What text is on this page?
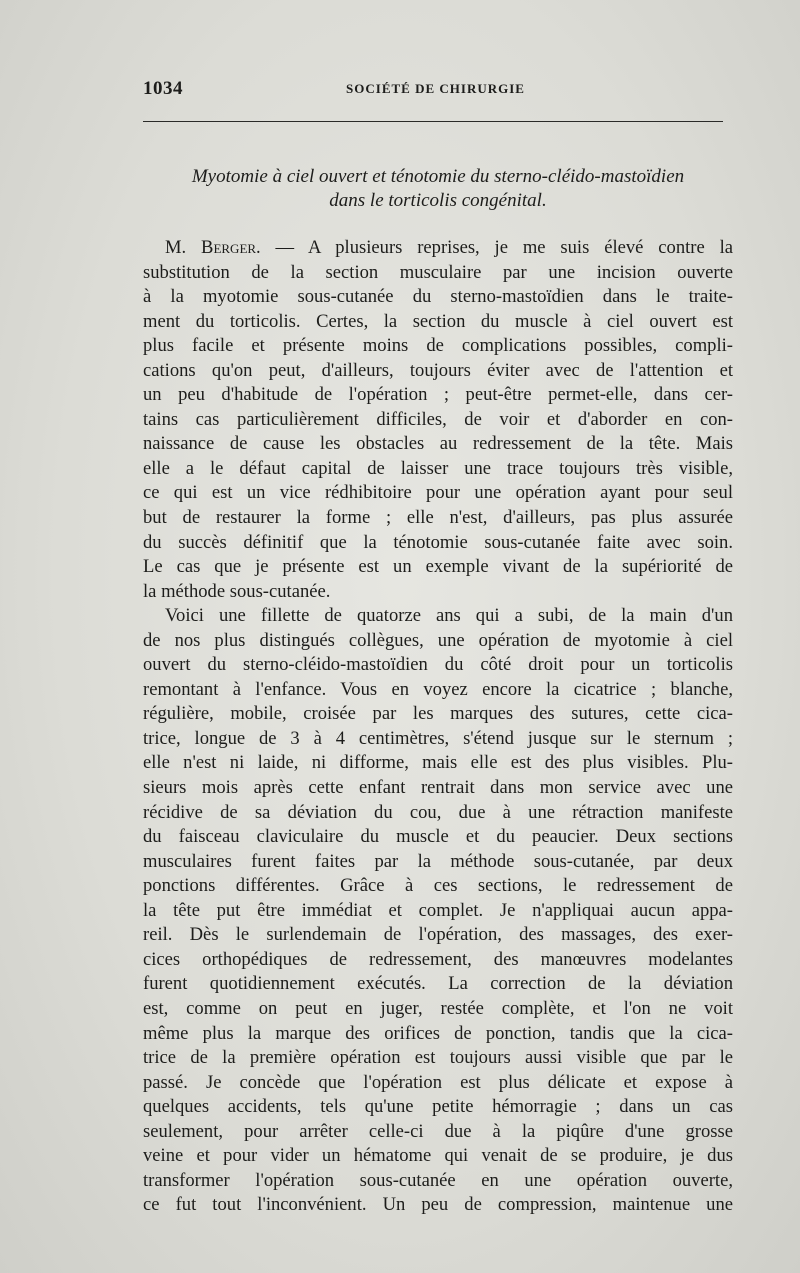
1034	SOCIÉTÉ DE CHIRURGIE
Myotomie à ciel ouvert et ténotomie du sterno-cléido-mastoïdien
dans le torticolis congénital.
M. Berger. — A plusieurs reprises, je me suis élevé contre la
substitution de la section musculaire par une incision ouverte
à la myotomie sous-cutanée du sterno-mastoïdien dans le traite-
ment du torticolis. Certes, la section du muscle à ciel ouvert est
plus facile et présente moins de complications possibles, compli-
cations qu'on peut, d'ailleurs, toujours éviter avec de l'attention et
un peu d'habitude de l'opération ; peut-être permet-elle, dans cer-
tains cas particulièrement difficiles, de voir et d'aborder en con-
naissance de cause les obstacles au redressement de la tête. Mais
elle a le défaut capital de laisser une trace toujours très visible,
ce qui est un vice rédhibitoire pour une opération ayant pour seul
but de restaurer la forme ; elle n'est, d'ailleurs, pas plus assurée
du succès définitif que la ténotomie sous-cutanée faite avec soin.
Le cas que je présente est un exemple vivant de la supériorité de
la méthode sous-cutanée.
Voici une fillette de quatorze ans qui a subi, de la main d'un
de nos plus distingués collègues, une opération de myotomie à ciel
ouvert du sterno-cléido-mastoïdien du côté droit pour un torticolis
remontant à l'enfance. Vous en voyez encore la cicatrice ; blanche,
régulière, mobile, croisée par les marques des sutures, cette cica-
trice, longue de 3 à 4 centimètres, s'étend jusque sur le sternum ;
elle n'est ni laide, ni difforme, mais elle est des plus visibles. Plu-
sieurs mois après cette enfant rentrait dans mon service avec une
récidive de sa déviation du cou, due à une rétraction manifeste
du faisceau claviculaire du muscle et du peaucier. Deux sections
musculaires furent faites par la méthode sous-cutanée, par deux
ponctions différentes. Grâce à ces sections, le redressement de
la tête put être immédiat et complet. Je n'appliquai aucun appa-
reil. Dès le surlendemain de l'opération, des massages, des exer-
cices orthopédiques de redressement, des manœuvres modelantes
furent quotidiennement exécutés. La correction de la déviation
est, comme on peut en juger, restée complète, et l'on ne voit
même plus la marque des orifices de ponction, tandis que la cica-
trice de la première opération est toujours aussi visible que par le
passé. Je concède que l'opération est plus délicate et expose à
quelques accidents, tels qu'une petite hémorragie ; dans un cas
seulement, pour arrêter celle-ci due à la piqûre d'une grosse
veine et pour vider un hématome qui venait de se produire, je dus
transformer l'opération sous-cutanée en une opération ouverte,
ce fut tout l'inconvénient. Un peu de compression, maintenue une
